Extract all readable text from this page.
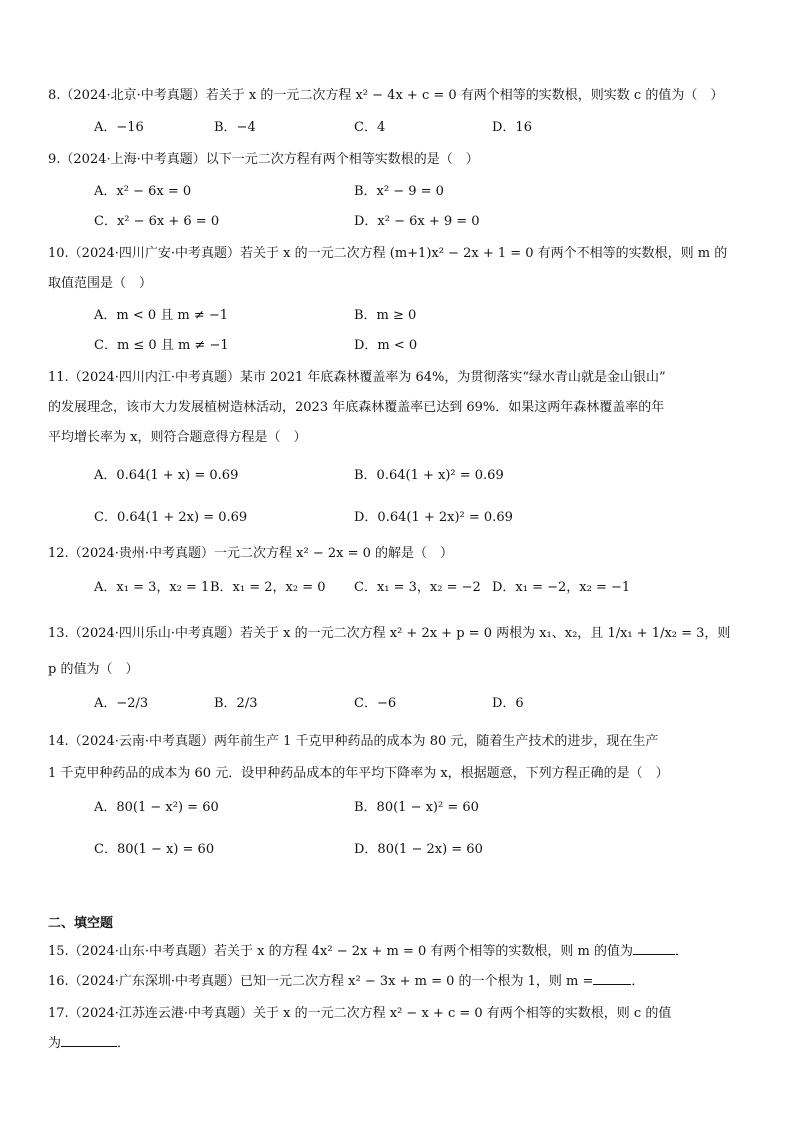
8.（2024·北京·中考真题）若关于 x 的一元二次方程 x² − 4x + c = 0 有两个相等的实数根，则实数 c 的值为（　）
A．−16	B．−4	C．4	D．16
9.（2024·上海·中考真题）以下一元二次方程有两个相等实数根的是（　）
A．x² − 6x = 0	B．x² − 9 = 0
C．x² − 6x + 6 = 0	D．x² − 6x + 9 = 0
10.（2024·四川广安·中考真题）若关于 x 的一元二次方程 (m+1)x² − 2x + 1 = 0 有两个不相等的实数根，则 m 的
取值范围是（　）
A．m < 0 且 m ≠ −1	B．m ≥ 0
C．m ≤ 0 且 m ≠ −1	D．m < 0
11.（2024·四川内江·中考真题）某市 2021 年底森林覆盖率为 64%，为贯彻落实“绿水青山就是金山银山”
的发展理念，该市大力发展植树造林活动，2023 年底森林覆盖率已达到 69%．如果这两年森林覆盖率的年
平均增长率为 x，则符合题意得方程是（　）
A．0.64(1 + x) = 0.69	B．0.64(1 + x)² = 0.69
C．0.64(1 + 2x) = 0.69	D．0.64(1 + 2x)² = 0.69
12.（2024·贵州·中考真题）一元二次方程 x² − 2x = 0 的解是（　）
A．x₁ = 3，x₂ = 1 B．x₁ = 2，x₂ = 0 C．x₁ = 3，x₂ = −2 D．x₁ = −2，x₂ = −1
13.（2024·四川乐山·中考真题）若关于 x 的一元二次方程 x² + 2x + p = 0 两根为 x₁、x₂，且 1/x₁ + 1/x₂ = 3，则
p 的值为（　）
A．−2/3	B．2/3	C．−6	D．6
14.（2024·云南·中考真题）两年前生产 1 千克甲种药品的成本为 80 元，随着生产技术的进步，现在生产
1 千克甲种药品的成本为 60 元．设甲种药品成本的年平均下降率为 x，根据题意，下列方程正确的是（　）
A．80(1 − x²) = 60	B．80(1 − x)² = 60
C．80(1 − x) = 60	D．80(1 − 2x) = 60
二、填空题
15.（2024·山东·中考真题）若关于 x 的方程 4x² − 2x + m = 0 有两个相等的实数根，则 m 的值为	．
16.（2024·广东深圳·中考真题）已知一元二次方程 x² − 3x + m = 0 的一个根为 1，则 m =	．
17.（2024·江苏连云港·中考真题）关于 x 的一元二次方程 x² − x + c = 0 有两个相等的实数根，则 c 的值
为	．
